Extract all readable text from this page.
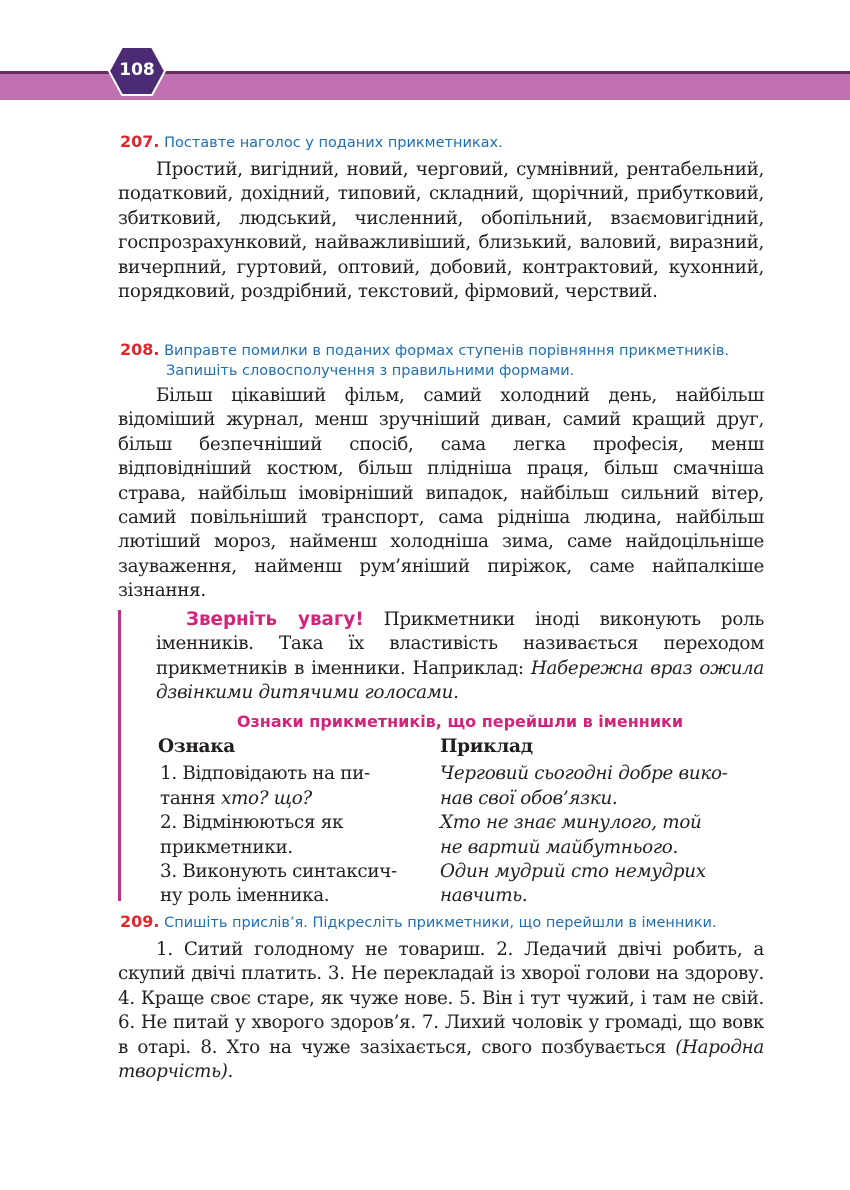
108
207. Поставте наголос у поданих прикметниках.
Простий, вигідний, новий, черговий, сумнівний, рентабельний, податковий, дохідний, типовий, складний, щорічний, прибутковий, збитковий, людський, численний, обопільний, взаємовигідний, госпрозрахунковий, найважливіший, близький, валовий, виразний, вичерпний, гуртовий, оптовий, добовий, контрактовий, кухонний, порядковий, роздрібний, текстовий, фірмовий, черствий.
208. Виправте помилки в поданих формах ступенів порівняння прикметників.
Запишіть словосполучення з правильними формами.
Більш цікавіший фільм, самий холодний день, найбільш відоміший журнал, менш зручніший диван, самий кращий друг, більш безпечніший спосіб, сама легка професія, менш відповідніший костюм, більш плідніша праця, більш смачніша страва, найбільш імовірніший випадок, найбільш сильний вітер, самий повільніший транспорт, сама рідніша людина, найбільш лютіший мороз, найменш холодніша зима, саме найдоцільніше зауваження, найменш рум’яніший пиріжок, саме найпалкіше зізнання.
Зверніть увагу! Прикметники іноді виконують роль іменників. Така їх властивість називається переходом прикметників в іменники. Наприклад: Набережна враз ожила дзвінкими дитячими голосами.
Ознаки прикметників, що перейшли в іменники
Ознака	Приклад
1. Відповідають на пи-
тання хто? що?
Черговий сьогодні добре вико-
нав свої обов’язки.
2. Відмінюються як
прикметники.
Хто не знає минулого, той
не вартий майбутнього.
3. Виконують синтаксич-
ну роль іменника.
Один мудрий сто немудрих
навчить.
209. Спишіть прислів’я. Підкресліть прикметники, що перейшли в іменники.
1. Ситий голодному не товариш. 2. Ледачий двічі робить, а скупий двічі платить. 3. Не перекладай із хворої голови на здорову. 4. Краще своє старе, як чуже нове. 5. Він і тут чужий, і там не свій. 6. Не питай у хворого здоров’я. 7. Лихий чоловік у громаді, що вовк в отарі. 8. Хто на чуже зазіхається, свого позбувається (Народна творчість).
